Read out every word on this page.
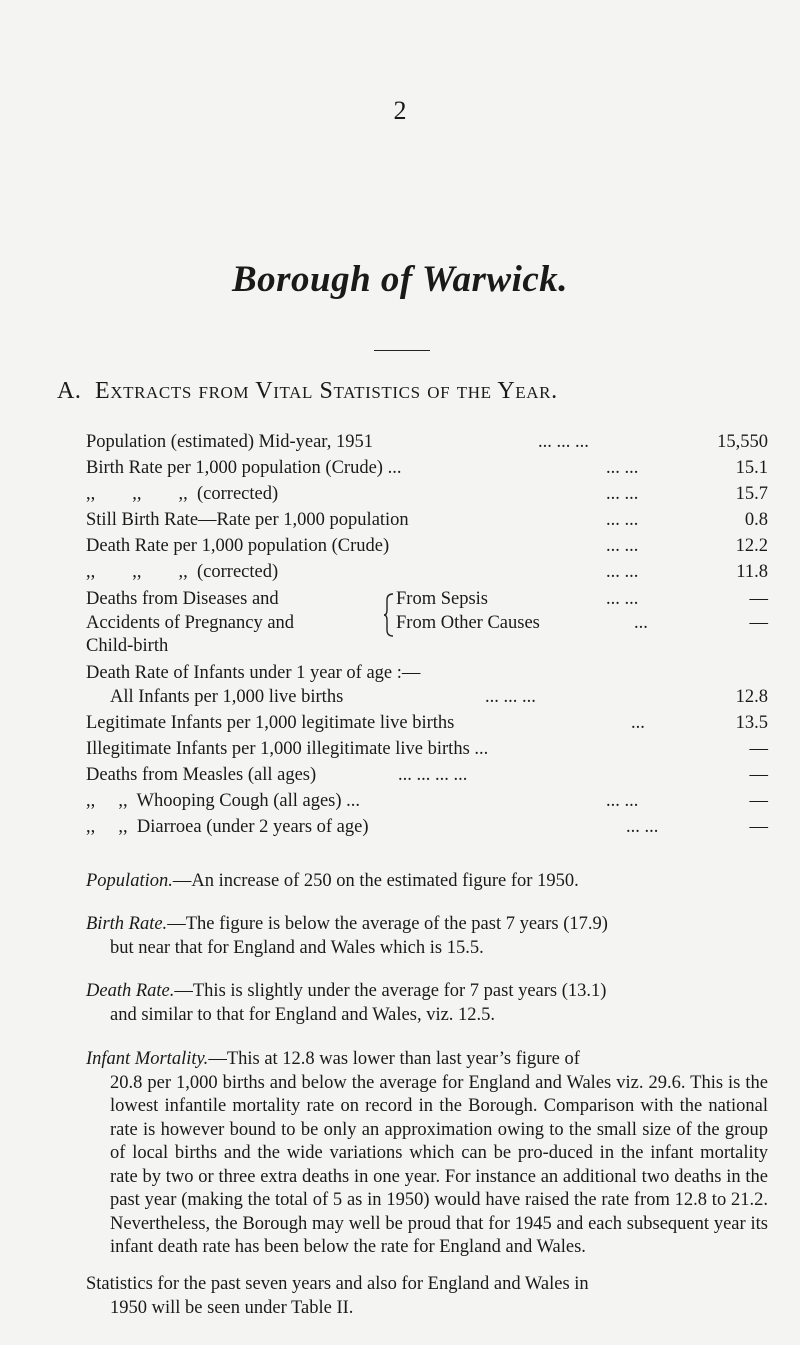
2
Borough of Warwick.
A. Extracts from Vital Statistics of the Year.
Population (estimated) Mid-year, 1951	... ... ...	15,550
Birth Rate per 1,000 population (Crude) ...	... ...	15.1
,,        ,,        ,,  (corrected)	... ...	15.7
Still Birth Rate—Rate per 1,000 population	... ...	0.8
Death Rate per 1,000 population (Crude)	... ...	12.2
,,        ,,        ,,  (corrected)	... ...	11.8
Deaths from Diseases and	From Sepsis	... ...	—
Accidents of Pregnancy and	From Other Causes	...	—
Child-birth
Death Rate of Infants under 1 year of age :—
All Infants per 1,000 live births	... ... ...	12.8
Legitimate Infants per 1,000 legitimate live births	...	13.5
Illegitimate Infants per 1,000 illegitimate live births ...	—
Deaths from Measles (all ages)	... ... ... ...	—
,,     ,,  Whooping Cough (all ages) ...	... ...	—
,,     ,,  Diarroea (under 2 years of age)	... ...	—
Population.—An increase of 250 on the estimated figure for 1950.
Birth Rate.—The figure is below the average of the past 7 years (17.9)
but near that for England and Wales which is 15.5.
Death Rate.—This is slightly under the average for 7 past years (13.1)
and similar to that for England and Wales, viz. 12.5.
Infant Mortality.—This at 12.8 was lower than last year’s figure of
20.8 per 1,000 births and below the average for England and Wales viz. 29.6. This is the lowest infantile mortality rate on record in the Borough. Comparison with the national rate is however bound to be only an approximation owing to the small size of the group of local births and the wide variations which can be pro-duced in the infant mortality rate by two or three extra deaths in one year. For instance an additional two deaths in the past year (making the total of 5 as in 1950) would have raised the rate from 12.8 to 21.2. Nevertheless, the Borough may well be proud that for 1945 and each subsequent year its infant death rate has been below the rate for England and Wales.
Statistics for the past seven years and also for England and Wales in
1950 will be seen under Table II.
